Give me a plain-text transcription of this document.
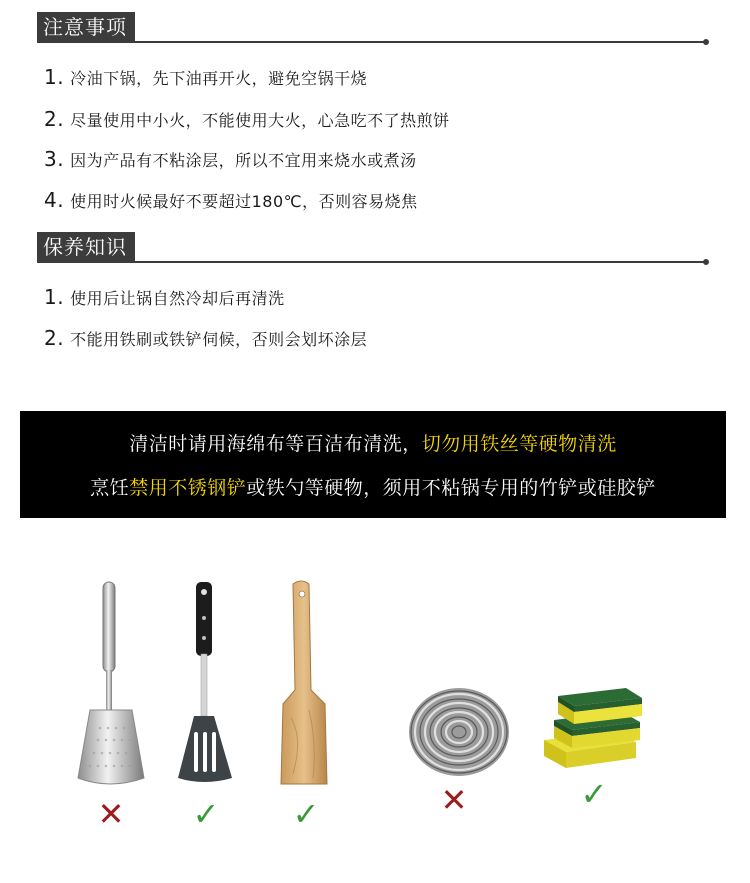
注意事项
1. 冷油下锅，先下油再开火，避免空锅干烧
2. 尽量使用中小火，不能使用大火，心急吃不了热煎饼
3. 因为产品有不粘涂层，所以不宜用来烧水或煮汤
4. 使用时火候最好不要超过180℃，否则容易烧焦
保养知识
1. 使用后让锅自然冷却后再清洗
2. 不能用铁刷或铁铲伺候，否则会划坏涂层
清洁时请用海绵布等百洁布清洗，切勿用铁丝等硬物清洗
烹饪禁用不锈钢铲或铁勺等硬物，须用不粘锅专用的竹铲或硅胶铲
✕ ✓ ✓	✕	✓
